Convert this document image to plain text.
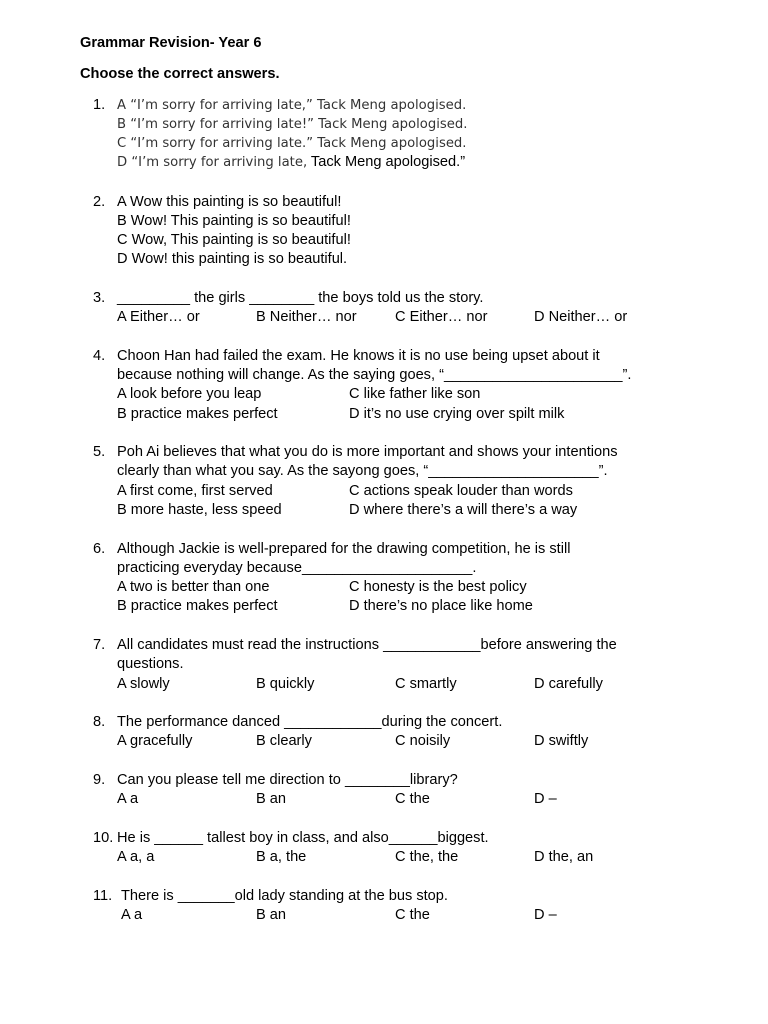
Grammar Revision- Year 6
Choose the correct answers.
1. A “I’m sorry for arriving late,” Tack Meng apologised.
B “I’m sorry for arriving late!” Tack Meng apologised.
C “I’m sorry for arriving late.” Tack Meng apologised.
D “I’m sorry for arriving late, Tack Meng apologised.”
2. A Wow this painting is so beautiful!
B Wow! This painting is so beautiful!
C Wow, This painting is so beautiful!
D Wow! this painting is so beautiful.
3. _________ the girls ________ the boys told us the story.
A Either… or	B Neither… nor	C Either… nor	D Neither… or
4. Choon Han had failed the exam. He knows it is no use being upset about it
because nothing will change. As the saying goes, “______________________”.
A look before you leap	C like father like son
B practice makes perfect	D it’s no use crying over spilt milk
5. Poh Ai believes that what you do is more important and shows your intentions
clearly than what you say. As the sayong goes, “_____________________”.
A first come, first served	C actions speak louder than words
B more haste, less speed	D where there’s a will there’s a way
6. Although Jackie is well-prepared for the drawing competition, he is still
practicing everyday because_____________________.
A two is better than one	C honesty is the best policy
B practice makes perfect	D there’s no place like home
7. All candidates must read the instructions ____________before answering the
questions.
A slowly	B quickly	C smartly	D carefully
8. The performance danced ____________during the concert.
A gracefully	B clearly	C noisily	D swiftly
9. Can you please tell me direction to ________library?
A a	B an	C the	D –
10. He is ______ tallest boy in class, and also______biggest.
A a, a	B a, the	C the, the	D the, an
11. There is _______old lady standing at the bus stop.
A a	B an	C the	D –
